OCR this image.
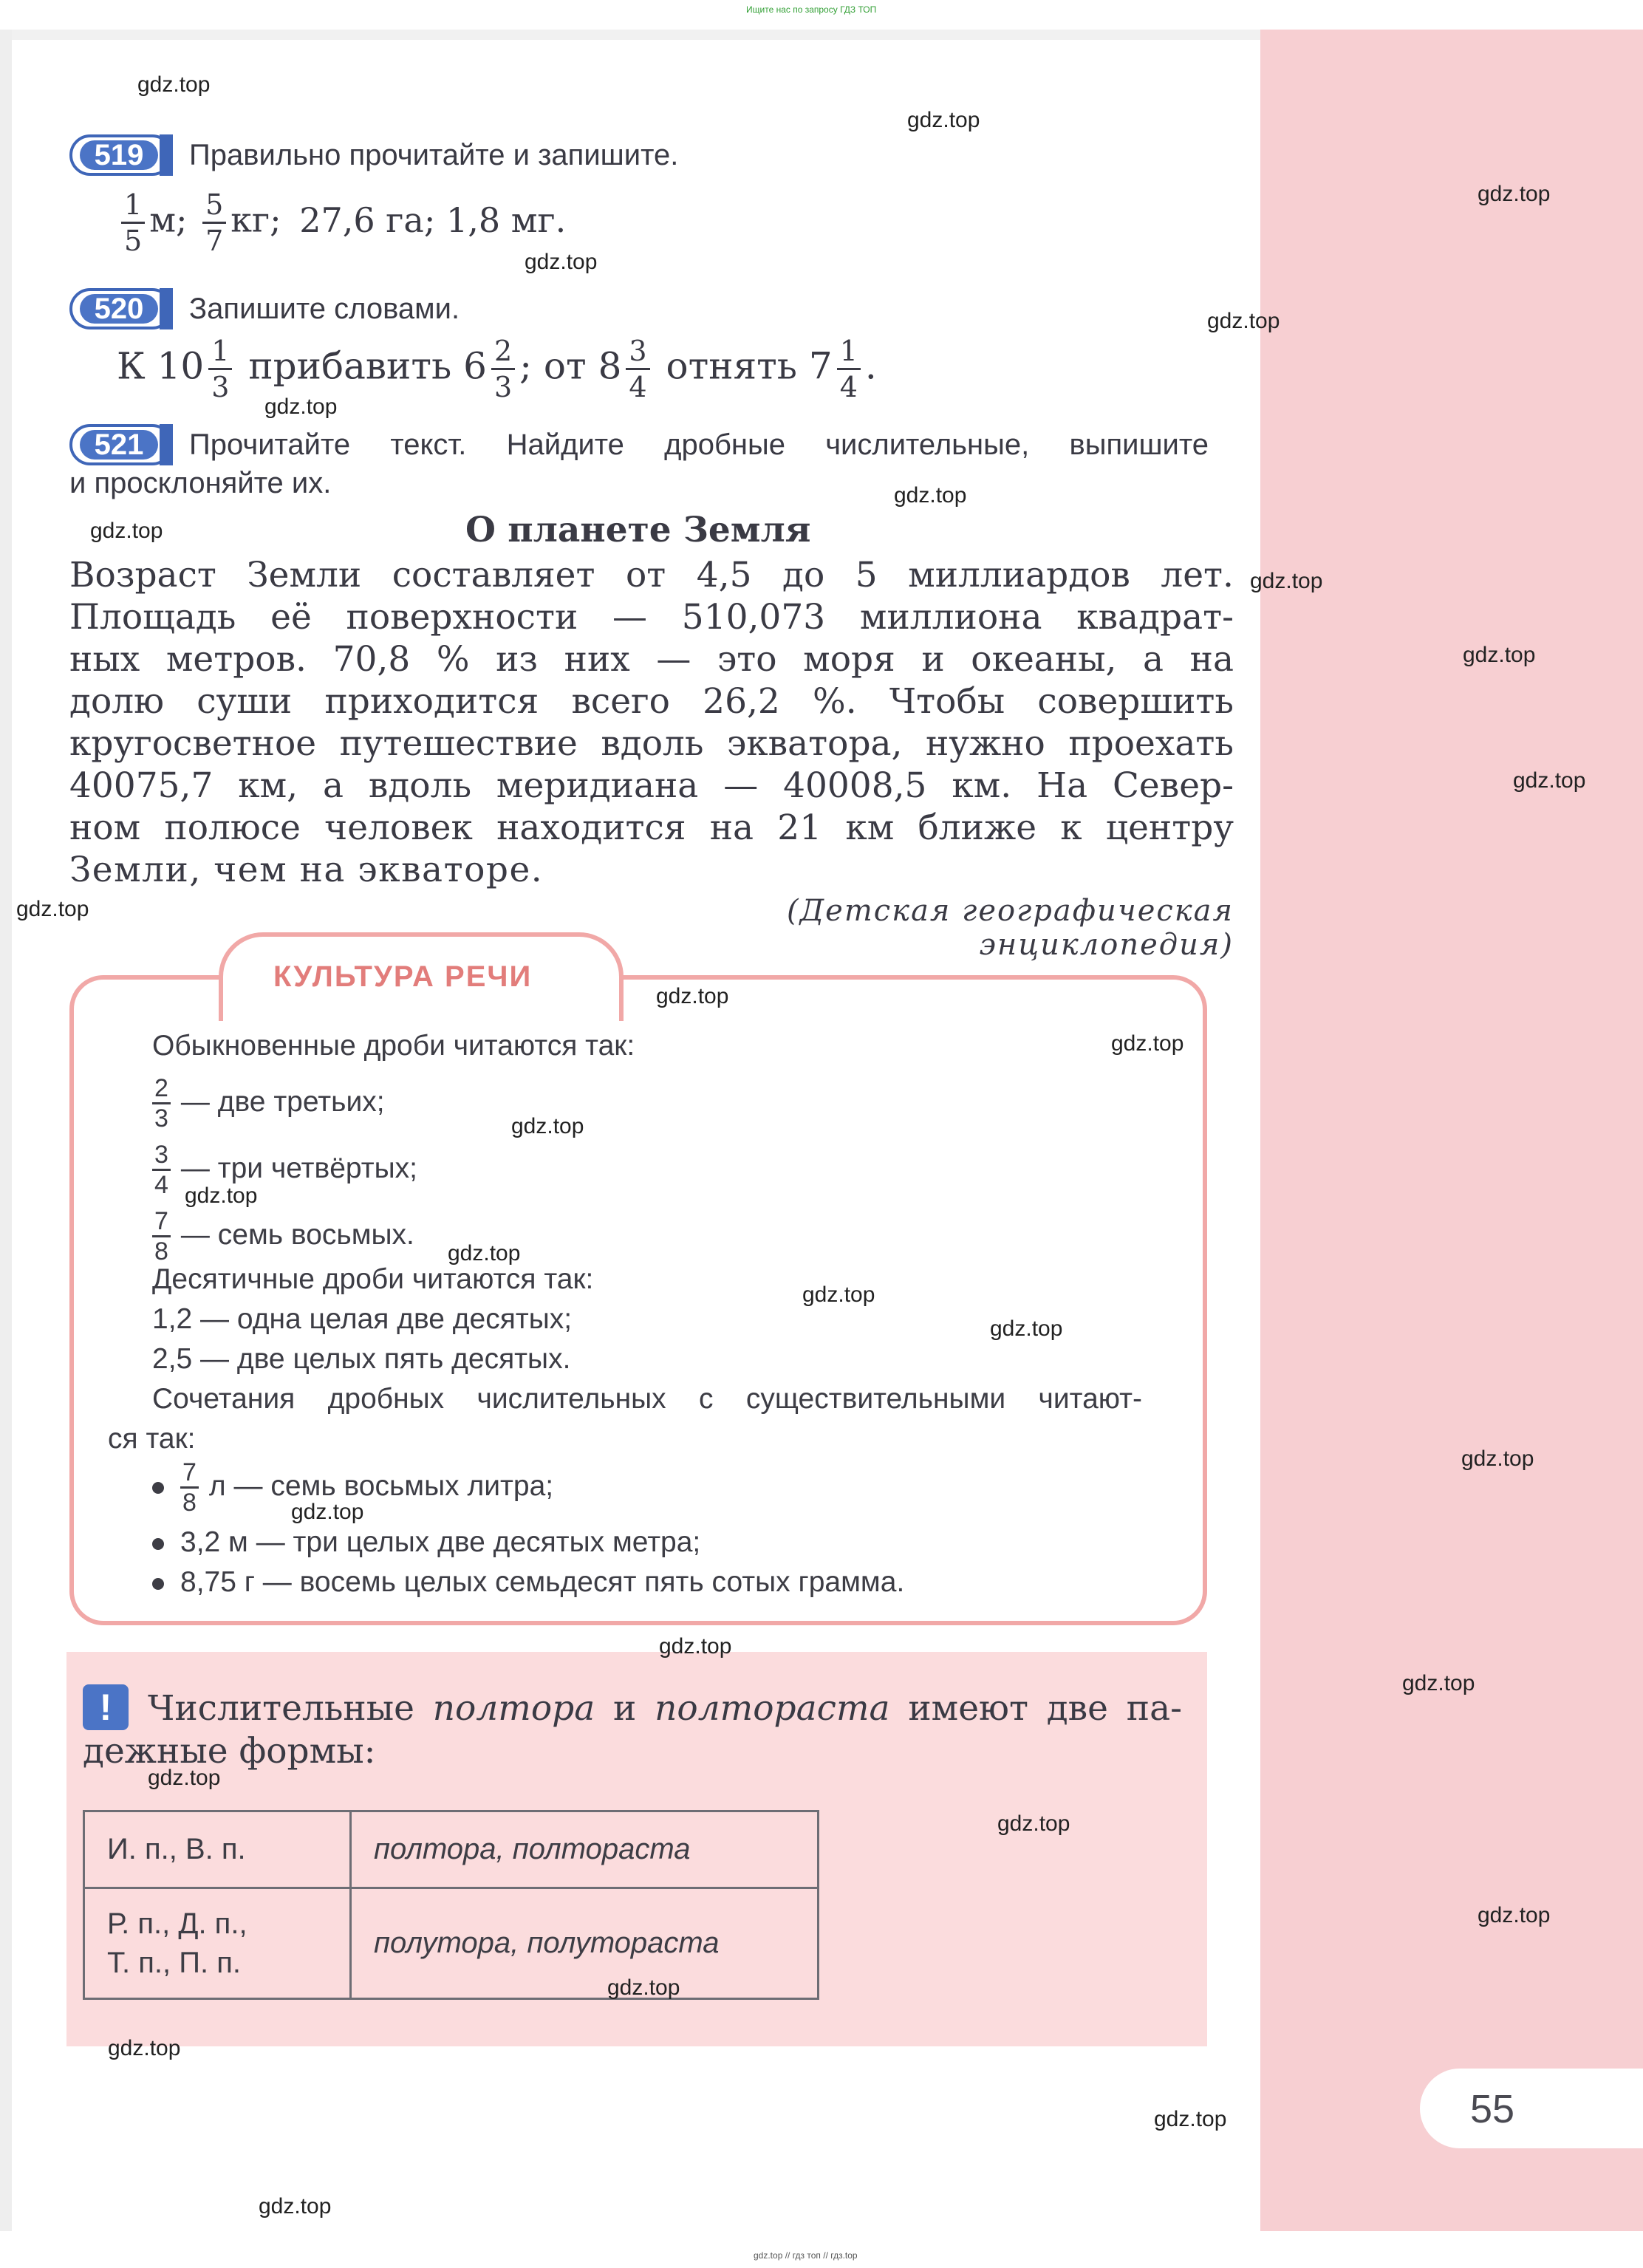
Ищите нас по запросу ГДЗ ТОП
519	Правильно прочитайте и запишите.
$\frac{1}{5} м$; $\frac{5}{7}$ кг; 27,6 га; 1,8 мг.
520	Запишите словами.
К $10 \frac{1}{3}$ прибавить $6 \frac{2}{3}$ ; от $8 \frac{3}{4}$ отнять $7 \frac{1}{4}$ .
521	Прочитайте текст. Найдите дробные числительные, выпишите
и просклоняйте их.
О планете Земля
Возраст Земли составляет от 4,5 до 5 миллиардов лет.
Площадь её поверхности — 510,073 миллиона квадрат-
ных метров. 70,8 % из них — это моря и океаны, а на
долю суши приходится всего 26,2 %. Чтобы совершить
кругосветное путешествие вдоль экватора, нужно проехать
40075,7 км, а вдоль меридиана — 40008,5 км. На Север-
ном полюсе человек находится на 21 км ближе к центру
Земли, чем на экваторе.
(Детская географическая энциклопедия)
КУЛЬТУРА РЕЧИ
Обыкновенные дроби читаются так:
$\frac{2}{3}$ — две третьих;
$\frac{3}{4}$ — три четвёртых;
$\frac{7}{8}$ — семь восьмых.
Десятичные дроби читаются так:
1,2 — одна целая две десятых;
2,5 — две целых пять десятых.
Сочетания дробных числительных с существительными читают-
ся так:
$\frac{7}{8}$ л — семь восьмых литра;
3,2 м — три целых две десятых метра;
8,75 г — восемь целых семьдесят пять сотых грамма.
!	Числительные полтора и полтораста имеют две па-
дежные формы:
И. п., В. п.	полтора, полтораста

Р. п., Д. п.,
Т. п., П. п.	полутора, полутораста
55
gdz.top
gdz.top
gdz.top
gdz.top
gdz.top
gdz.top
gdz.top
gdz.top
gdz.top
gdz.top
gdz.top
gdz.top
gdz.top
gdz.top
gdz.top
gdz.top
gdz.top
gdz.top
gdz.top
gdz.top
gdz.top
gdz.top
gdz.top
gdz.top
gdz.top
gdz.top
gdz.top
gdz.top
gdz.top
gdz.top
gdz.top // гдз топ // гдз.top
